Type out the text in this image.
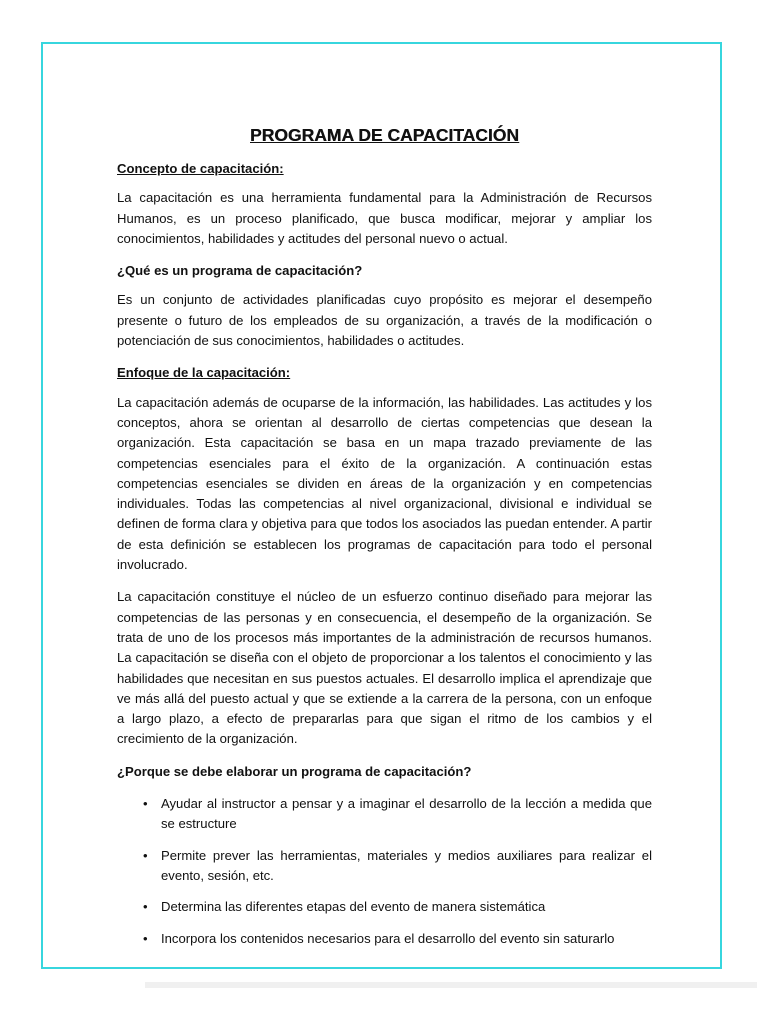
PROGRAMA DE CAPACITACIÓN
Concepto de capacitación:

La capacitación es una herramienta fundamental para la Administración de Recursos Humanos, es un proceso planificado, que busca modificar, mejorar y ampliar los conocimientos, habilidades y actitudes del personal nuevo o actual.

¿Qué es un programa de capacitación?

Es un conjunto de actividades planificadas cuyo propósito es mejorar el desempeño presente o futuro de los empleados de su organización, a través de la modificación o potenciación de sus conocimientos, habilidades o actitudes.

Enfoque de la capacitación:

La capacitación además de ocuparse de la información, las habilidades. Las actitudes y los conceptos, ahora se orientan al desarrollo de ciertas competencias que desean la organización. Esta capacitación se basa en un mapa trazado previamente de las competencias esenciales para el éxito de la organización. A continuación estas competencias esenciales se dividen en áreas de la organización y en competencias individuales. Todas las competencias al nivel organizacional, divisional e individual se definen de forma clara y objetiva para que todos los asociados las puedan entender. A partir de esta definición se establecen los programas de capacitación para todo el personal involucrado.

La capacitación constituye el núcleo de un esfuerzo continuo diseñado para mejorar las competencias de las personas y en consecuencia, el desempeño de la organización. Se trata de uno de los procesos más importantes de la administración de recursos humanos. La capacitación se diseña con el objeto de proporcionar a los talentos el conocimiento y las habilidades que necesitan en sus puestos actuales. El desarrollo implica el aprendizaje que ve más allá del puesto actual y que se extiende a la carrera de la persona, con un enfoque a largo plazo, a efecto de prepararlas para que sigan el ritmo de los cambios y el crecimiento de la organización.

¿Porque se debe elaborar un programa de capacitación?
• Ayudar al instructor a pensar y a imaginar el desarrollo de la lección a medida que se estructure
• Permite prever las herramientas, materiales y medios auxiliares para realizar el evento, sesión, etc.
• Determina las diferentes etapas del evento de manera sistemática
• Incorpora los contenidos necesarios para el desarrollo del evento sin saturarlo
